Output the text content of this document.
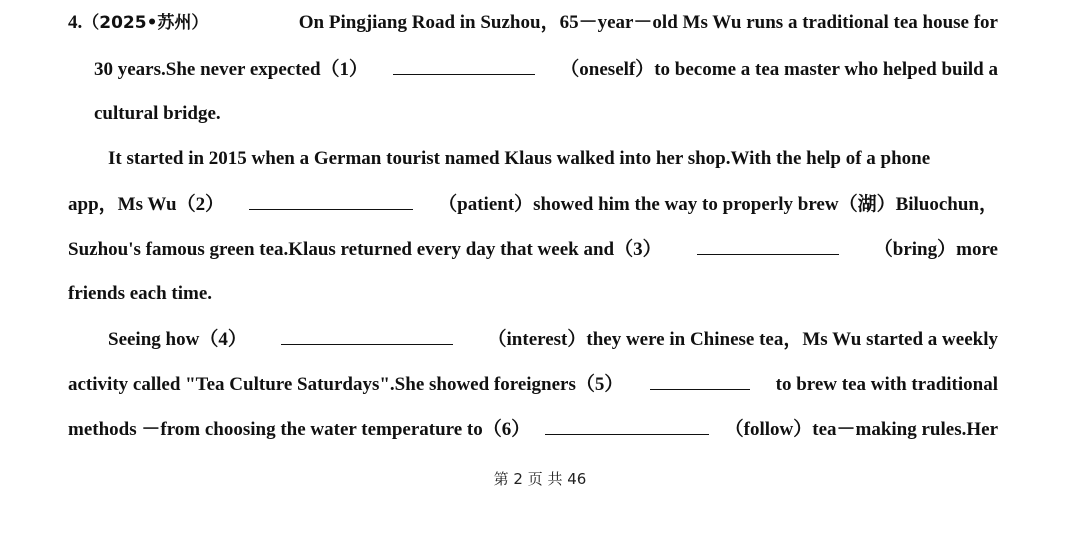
4.（2025•苏州）	On Pingjiang Road in Suzhou，65－year－old Ms Wu runs a traditional tea house for
30 years.She never expected（1）	（oneself）to become a tea master who helped build a
cultural bridge.
It started in 2015 when a German tourist named Klaus walked into her shop.With the help of a phone
app，Ms Wu（2）	（patient）showed him the way to properly brew（湖）Biluochun，
Suzhou's famous green tea.Klaus returned every day that week and（3）	（bring）more
friends each time.
Seeing how（4）	（interest）they were in Chinese tea，Ms Wu started a weekly
activity called "Tea Culture Saturdays".She showed foreigners（5）	to brew tea with traditional
methods －from choosing the water temperature to（6）	（follow）tea－making rules.Her
第 2 页 共 46
